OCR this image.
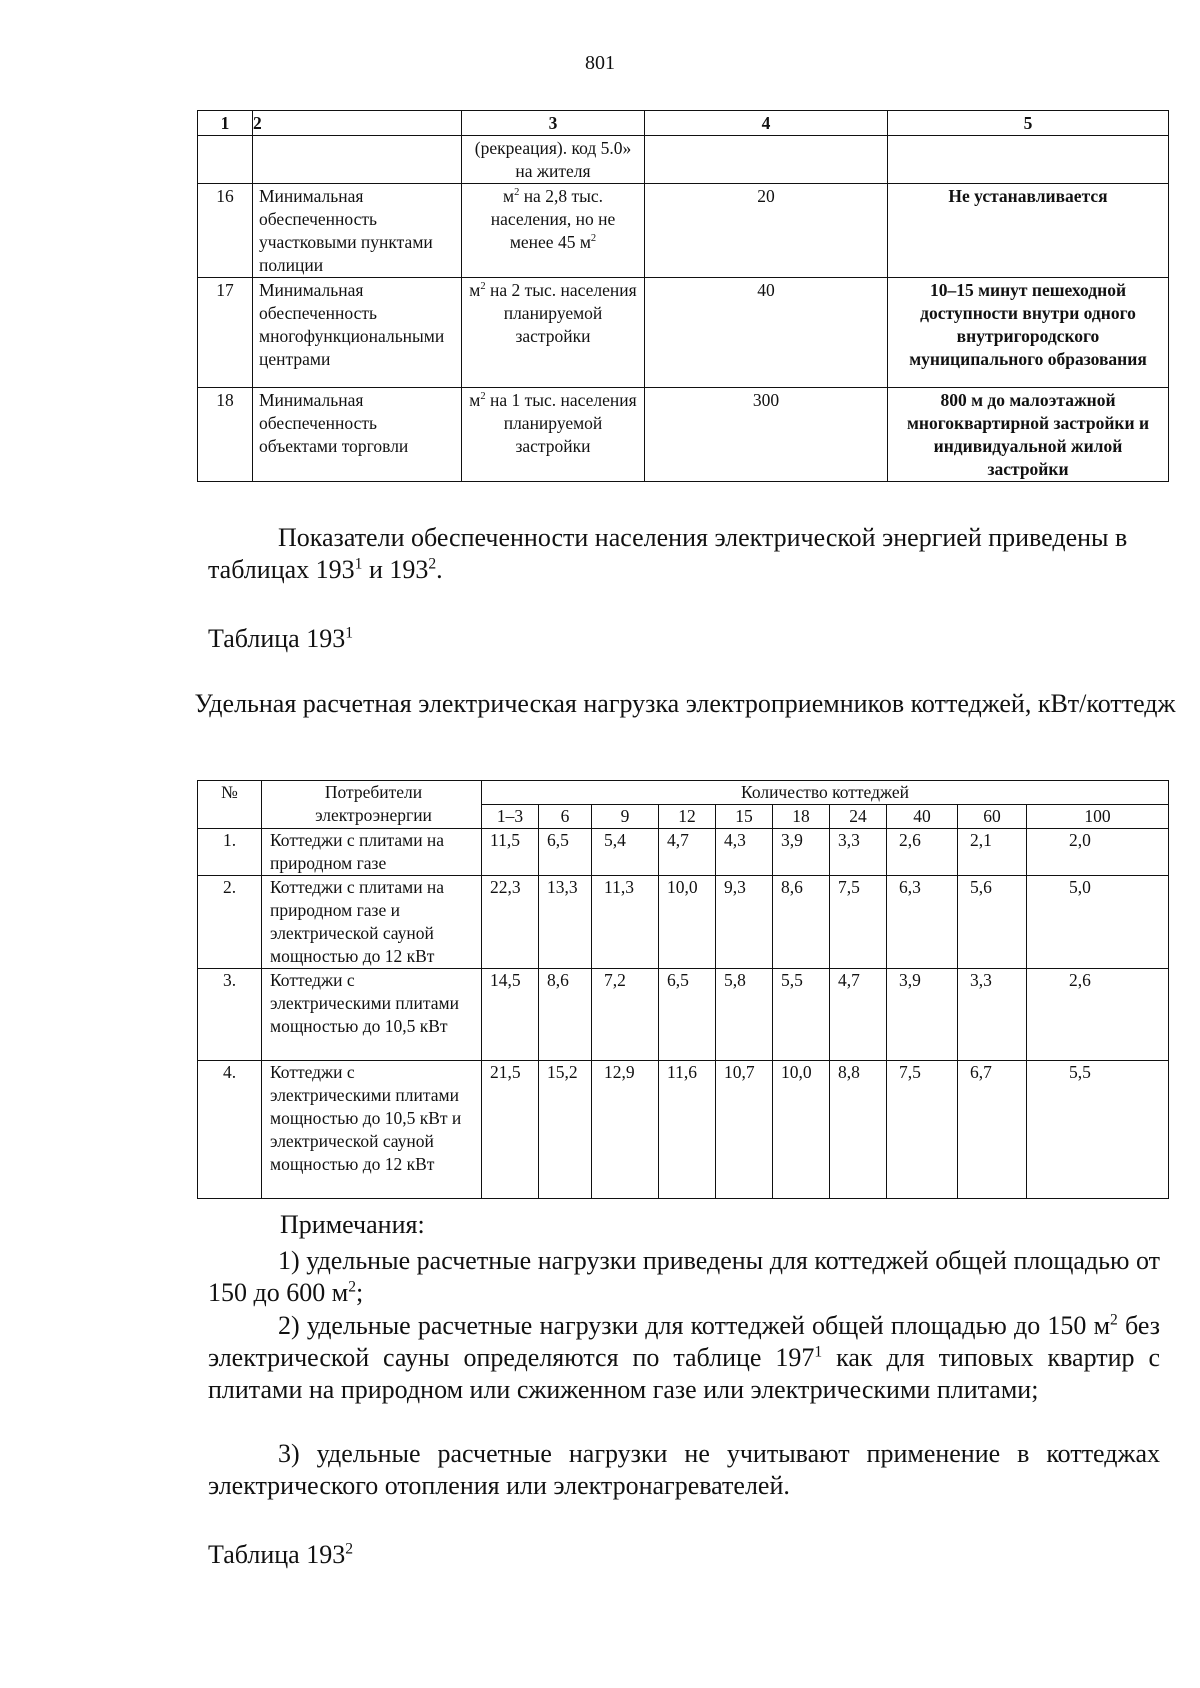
801
1	2	3	4	5
		(рекреация). код 5.0» на жителя		
16	Минимальная обеспеченность участковыми пунктами полиции	$м^2$ на 2,8 тыс. населения, но не менее 45 $м^2$	20	Не устанавливается
17	Минимальная обеспеченность многофункциональными центрами	$м^2$ на 2 тыс. населения планируемой застройки	40	10–15 минут пешеходной доступности внутри одного внутригородского муниципального образования
18	Минимальная обеспеченность объектами торговли	$м^2$ на 1 тыс. населения планируемой застройки	300	800 м до малоэтажной многоквартирной застройки и индивидуальной жилой застройки
Показатели обеспеченности населения электрической энергией приведены в таблицах $193^1$ и $193^2$.
Таблица $193^1$
Удельная расчетная электрическая нагрузка электроприемников коттеджей, кВт/коттедж
№	Потребители электроэнергии	Количество коттеджей									
		1–3	6	9	12	15	18	24	40	60	100
1.	Коттеджи с плитами на природном газе	11,5	6,5	5,4	4,7	4,3	3,9	3,3	2,6	2,1	2,0
2.	Коттеджи с плитами на природном газе и электрической сауной мощностью до 12 кВт	22,3	13,3	11,3	10,0	9,3	8,6	7,5	6,3	5,6	5,0
3.	Коттеджи с электрическими плитами мощностью до 10,5 кВт	14,5	8,6	7,2	6,5	5,8	5,5	4,7	3,9	3,3	2,6
4.	Коттеджи с электрическими плитами мощностью до 10,5 кВт и электрической сауной мощностью до 12 кВт	21,5	15,2	12,9	11,6	10,7	10,0	8,8	7,5	6,7	5,5
Примечания:
1) удельные расчетные нагрузки приведены для коттеджей общей площадью от 150 до 600 $м^2$;
2) удельные расчетные нагрузки для коттеджей общей площадью до 150 $м^2$ без электрической сауны определяются по таблице $197^1$ как для типовых квартир с плитами на природном или сжиженном газе или электрическими плитами;
3) удельные расчетные нагрузки не учитывают применение в коттеджах электрического отопления или электронагревателей.
Таблица $193^2$
